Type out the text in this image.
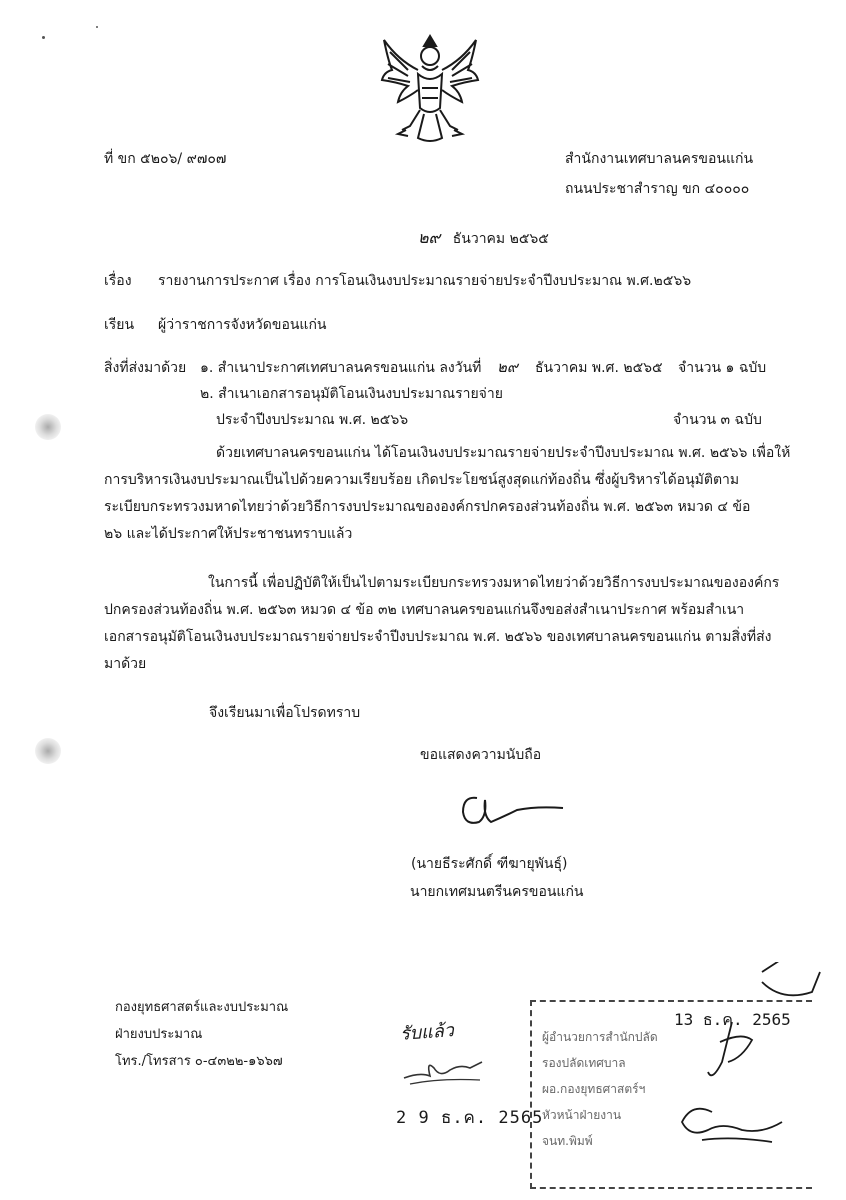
ที่ ขก ๕๒๐๖/ ๙๗๐๗	สำนักงานเทศบาลนครขอนแก่น
ถนนประชาสำราญ ขก ๔๐๐๐๐
๒๙ ธันวาคม ๒๕๖๕
เรื่อง รายงานการประกาศ เรื่อง การโอนเงินงบประมาณรายจ่ายประจำปีงบประมาณ พ.ศ.๒๕๖๖
เรียน ผู้ว่าราชการจังหวัดขอนแก่น
สิ่งที่ส่งมาด้วย ๑. สำเนาประกาศเทศบาลนครขอนแก่น ลงวันที่ ๒๙ ธันวาคม พ.ศ. ๒๕๖๕ จำนวน ๑ ฉบับ
๒. สำเนาเอกสารอนุมัติโอนเงินงบประมาณรายจ่าย
ประจำปีงบประมาณ พ.ศ. ๒๕๖๖	จำนวน ๓ ฉบับ
ด้วยเทศบาลนครขอนแก่น ได้โอนเงินงบประมาณรายจ่ายประจำปีงบประมาณ พ.ศ. ๒๕๖๖ เพื่อให้
การบริหารเงินงบประมาณเป็นไปด้วยความเรียบร้อย เกิดประโยชน์สูงสุดแก่ท้องถิ่น ซึ่งผู้บริหารได้อนุมัติตาม
ระเบียบกระทรวงมหาดไทยว่าด้วยวิธีการงบประมาณขององค์กรปกครองส่วนท้องถิ่น พ.ศ. ๒๕๖๓ หมวด ๔ ข้อ
๒๖ และได้ประกาศให้ประชาชนทราบแล้ว
ในการนี้ เพื่อปฏิบัติให้เป็นไปตามระเบียบกระทรวงมหาดไทยว่าด้วยวิธีการงบประมาณขององค์กร
ปกครองส่วนท้องถิ่น พ.ศ. ๒๕๖๓ หมวด ๔ ข้อ ๓๒ เทศบาลนครขอนแก่นจึงขอส่งสำเนาประกาศ พร้อมสำเนา
เอกสารอนุมัติโอนเงินงบประมาณรายจ่ายประจำปีงบประมาณ พ.ศ. ๒๕๖๖ ของเทศบาลนครขอนแก่น ตามสิ่งที่ส่ง
มาด้วย
จึงเรียนมาเพื่อโปรดทราบ
ขอแสดงความนับถือ
(นายธีระศักดิ์ ฑีฆายุพันธุ์)
นายกเทศมนตรีนครขอนแก่น
กองยุทธศาสตร์และงบประมาณ
ฝ่ายงบประมาณ
โทร./โทรสาร ๐-๔๓๒๒-๑๖๖๗
รับแล้ว
2 9 ธ.ค. 2565
13 ธ.ค. 2565
ผู้อำนวยการสำนักปลัด
รองปลัดเทศบาล
ผอ.กองยุทธศาสตร์ฯ
หัวหน้าฝ่ายงาน
จนท.พิมพ์
